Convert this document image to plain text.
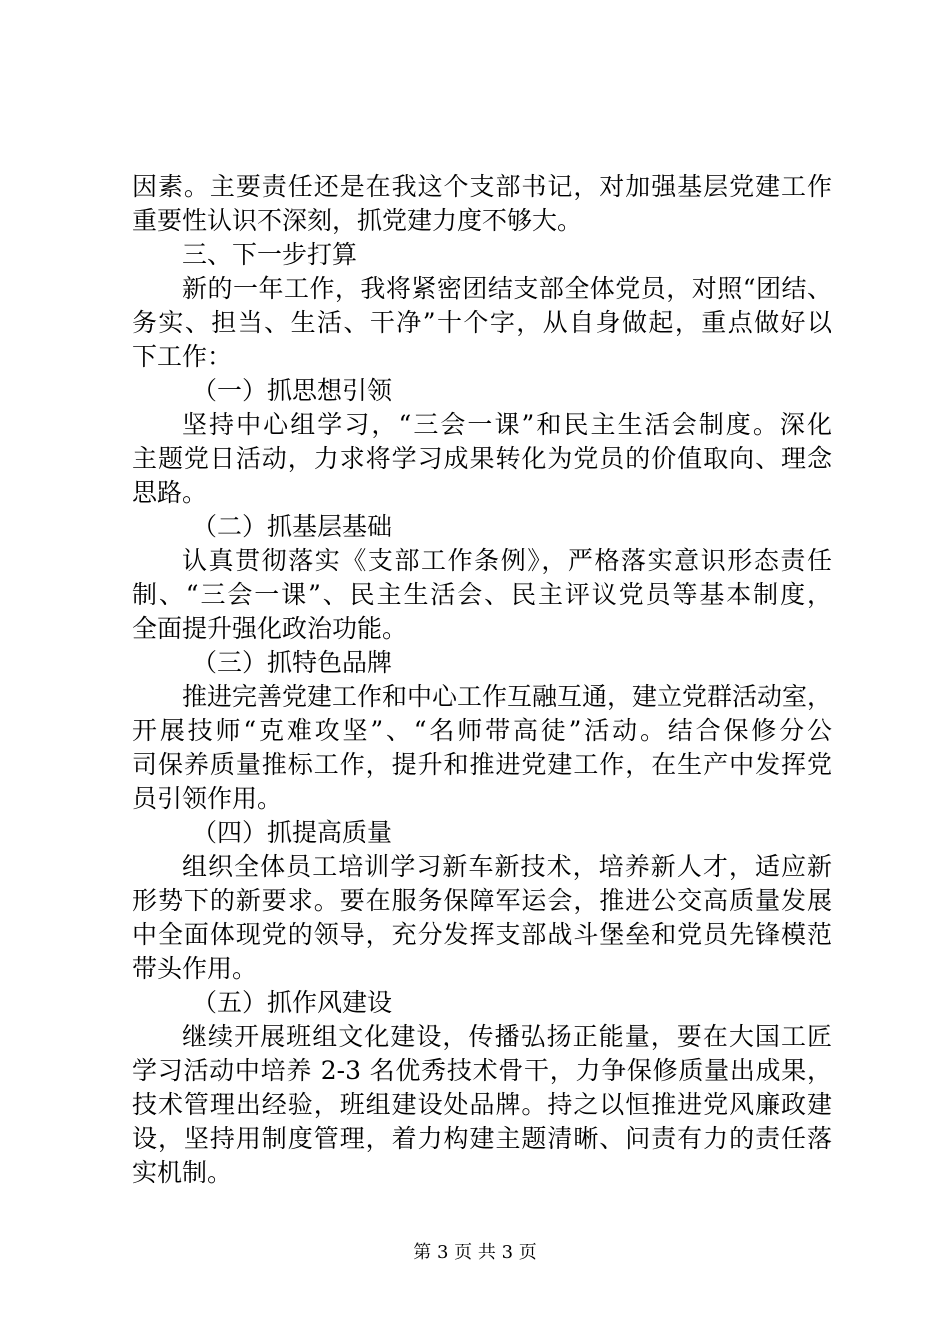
因素。主要责任还是在我这个支部书记，对加强基层党建工作
重要性认识不深刻，抓党建力度不够大。
三、下一步打算
新的一年工作，我将紧密团结支部全体党员，对照“团结、
务实、担当、生活、干净”十个字，从自身做起，重点做好以
下工作：
（一）抓思想引领
坚持中心组学习，“三会一课”和民主生活会制度。深化
主题党日活动，力求将学习成果转化为党员的价值取向、理念
思路。
（二）抓基层基础
认真贯彻落实《支部工作条例》，严格落实意识形态责任
制、“三会一课”、民主生活会、民主评议党员等基本制度，
全面提升强化政治功能。
（三）抓特色品牌
推进完善党建工作和中心工作互融互通，建立党群活动室，
开展技师“克难攻坚”、“名师带高徒”活动。结合保修分公
司保养质量推标工作，提升和推进党建工作，在生产中发挥党
员引领作用。
（四）抓提高质量
组织全体员工培训学习新车新技术，培养新人才，适应新
形势下的新要求。要在服务保障军运会，推进公交高质量发展
中全面体现党的领导，充分发挥支部战斗堡垒和党员先锋模范
带头作用。
（五）抓作风建设
继续开展班组文化建设，传播弘扬正能量，要在大国工匠
学习活动中培养 2-3 名优秀技术骨干，力争保修质量出成果，
技术管理出经验，班组建设处品牌。持之以恒推进党风廉政建
设，坚持用制度管理，着力构建主题清晰、问责有力的责任落
实机制。
第 3 页 共 3 页
